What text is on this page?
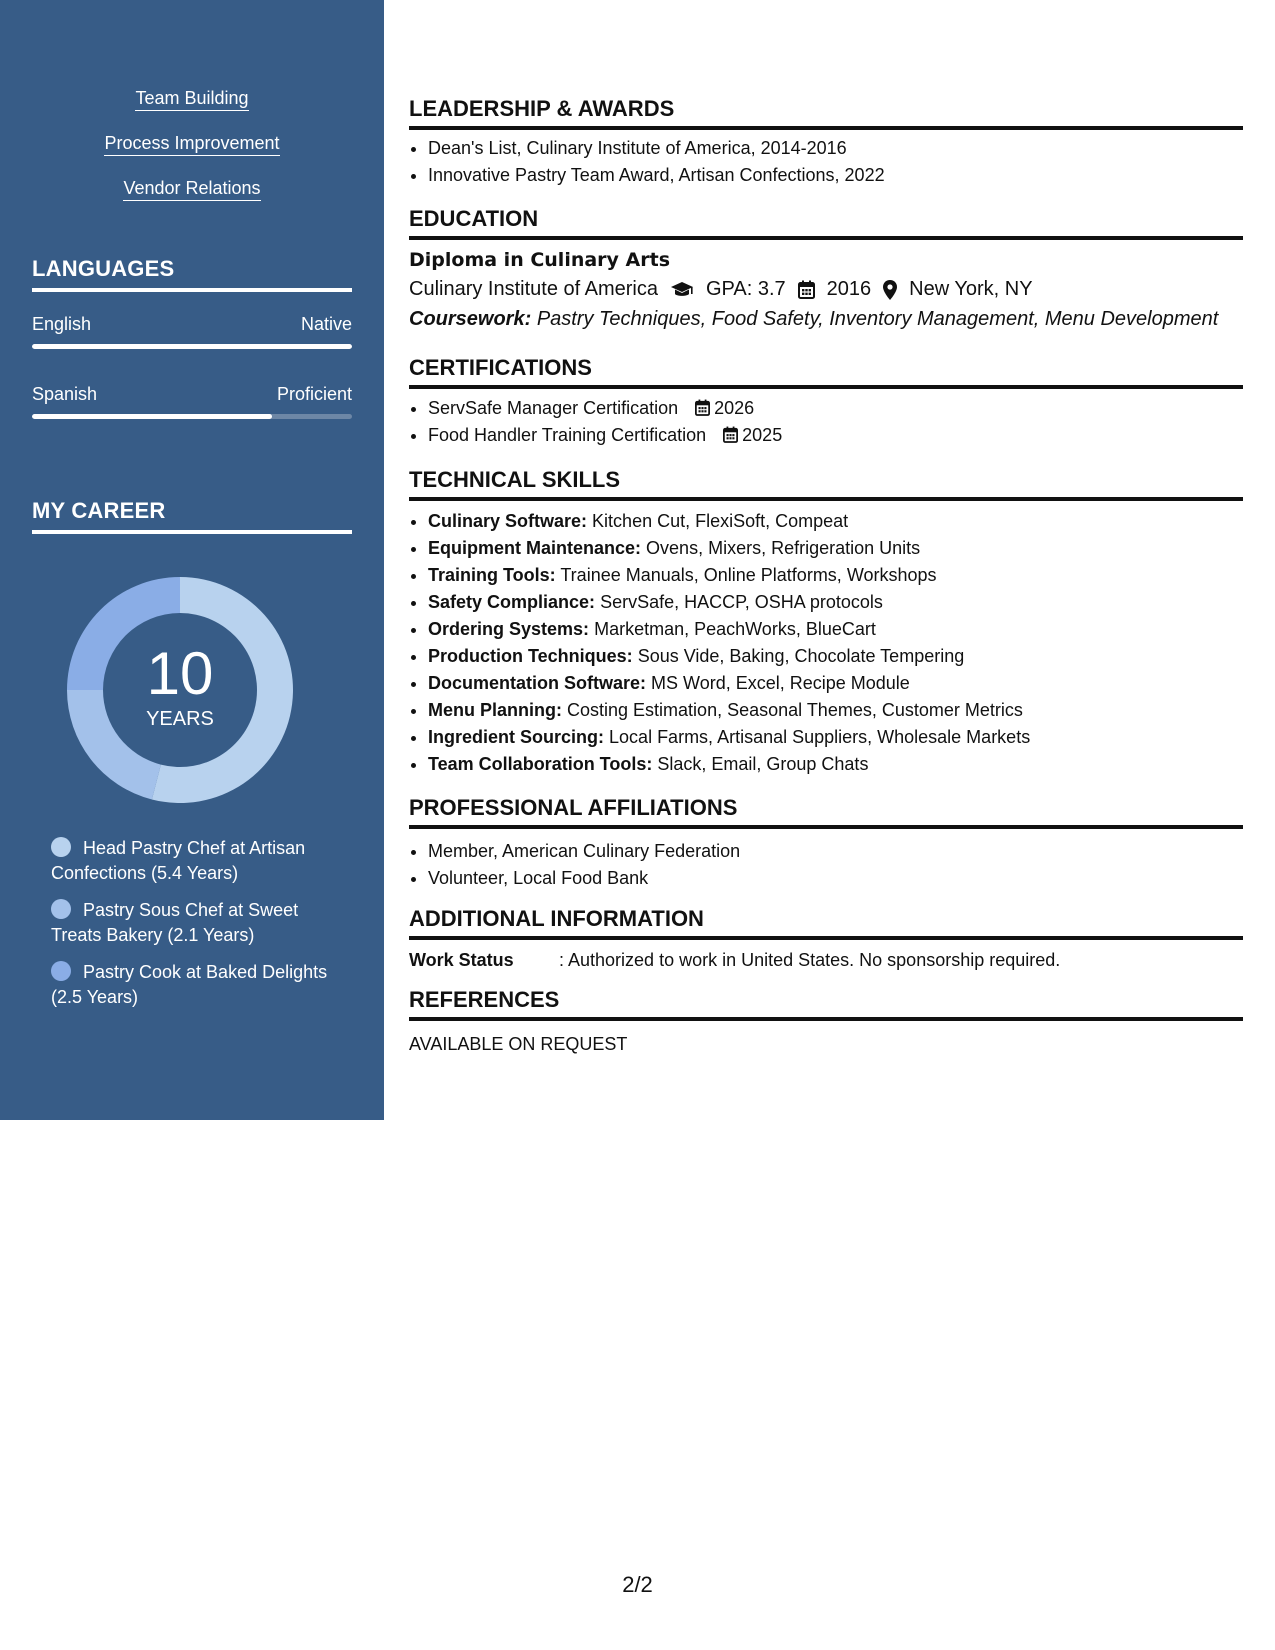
Team Building
Process Improvement
Vendor Relations
LANGUAGES
English	Native
Spanish	Proficient
MY CAREER
10
YEARS
Head Pastry Chef at Artisan Confections (5.4 Years)
Pastry Sous Chef at Sweet Treats Bakery (2.1 Years)
Pastry Cook at Baked Delights (2.5 Years)
LEADERSHIP & AWARDS
• Dean's List, Culinary Institute of America, 2014-2016
• Innovative Pastry Team Award, Artisan Confections, 2022
EDUCATION
Diploma in Culinary Arts
Culinary Institute of America GPA: 3.7 2016 New York, NY
Coursework: Pastry Techniques, Food Safety, Inventory Management, Menu Development
CERTIFICATIONS
• ServSafe Manager Certification 2026
• Food Handler Training Certification 2025
TECHNICAL SKILLS
• Culinary Software: Kitchen Cut, FlexiSoft, Compeat
• Equipment Maintenance: Ovens, Mixers, Refrigeration Units
• Training Tools: Trainee Manuals, Online Platforms, Workshops
• Safety Compliance: ServSafe, HACCP, OSHA protocols
• Ordering Systems: Marketman, PeachWorks, BlueCart
• Production Techniques: Sous Vide, Baking, Chocolate Tempering
• Documentation Software: MS Word, Excel, Recipe Module
• Menu Planning: Costing Estimation, Seasonal Themes, Customer Metrics
• Ingredient Sourcing: Local Farms, Artisanal Suppliers, Wholesale Markets
• Team Collaboration Tools: Slack, Email, Group Chats
PROFESSIONAL AFFILIATIONS
• Member, American Culinary Federation
• Volunteer, Local Food Bank
ADDITIONAL INFORMATION
Work Status	: Authorized to work in United States. No sponsorship required.
REFERENCES
AVAILABLE ON REQUEST
2/2
